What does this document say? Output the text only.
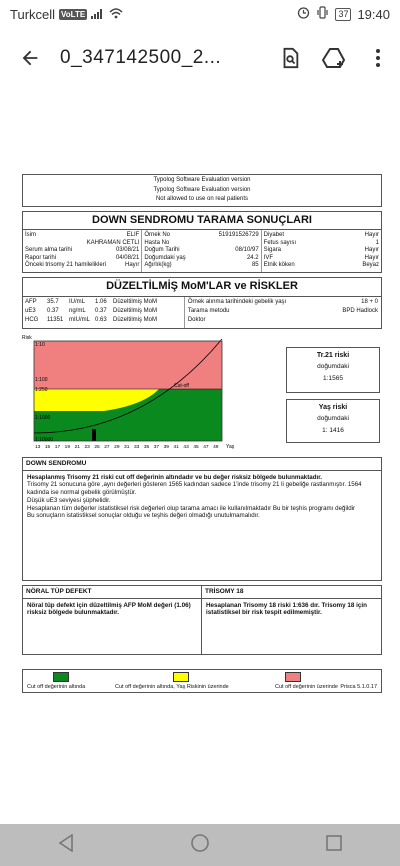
Turkcell VoLTE	37 19:40
0_347142500_2...
Typolog Software Evaluation version
Typolog Software Evaluation version
Not allowed to use on real patients
DOWN SENDROMU TARAMA SONUÇLARI
İsim	ELIF
KAHRAMAN CETLI
Serum alma tarihi	03/08/21
Rapor tarihi	04/08/21
Önceki trisomy 21 hamilelikleri	Hayır
Örnek No	519191526729
Hasta No
Doğum Tarihi	08/10/97
Doğumdaki yaş	24.2
Ağırlık(kg)	85
Diyabet	Hayır
Fetus sayısı	1
Sigara	Hayır
IVF	Hayır
Etnik köken	Beyaz
DÜZELTİLMİŞ MoM'LAR ve RİSKLER
AFP	35.7	IU/mL	1.06	Düzeltilmiş MoM
uE3	0.37	ng/mL	0.37	Düzeltilmiş MoM
HCG	11351 mIU/mL 0.63	Düzeltilmiş MoM
Örnek alınma tarihindeki gebelik yaşı	18 + 0
Tarama metodu	BPD Hadlock
Doktor
1:10
1:100
1:250
1:1000
1:10000
Risk
13 15 17 19 21 23 25 27 29 31 33 35 37 39 41 43 45 47 49 Yaş
Cut-off
Tr.21 riski
doğumdaki
1:1565
Yaş riski
doğumdaki
1: 1416
DOWN SENDROMU
Hesaplanmış Trisomy 21 riski cut off değerinin altındadır ve bu değer risksiz bölgede bulunmaktadır.
Trisomy 21 sonucuna göre ,aynı değerleri gösteren 1565 kadından sadece 1'inde trisomy 21 li gebeliğe rastlanmıştır. 1564 kadında ise normal gebelik görülmüştür.
Düşük uE3 seviyesi şüphelidir.
Hesaplanan tüm değerler istatistiksel risk değerleri olup tarama amacı ile kullanılmaktadır Bu bir teşhis programı değildir
Bu sonuçların istatistiksel sonuçlar olduğu ve teşhis değeri olmadığı unutulmamalıdır.
NÖRAL TÜP DEFEKT
Nöral tüp defekt için düzeltilmiş AFP MoM değeri (1.06) risksiz bölgede bulunmaktadır.
TRİSOMY 18
Hesaplanan Trisomy 18 riski 1:636 dır. Trisomy 18 için istatistiksel bir risk tespit edilmemiştir.
Cut off değerinin altında	Cut off değerinin altında, Yaş Riskinin üzerinde	Cut off değerinin üzerinde Prisca 5.1.0.17
